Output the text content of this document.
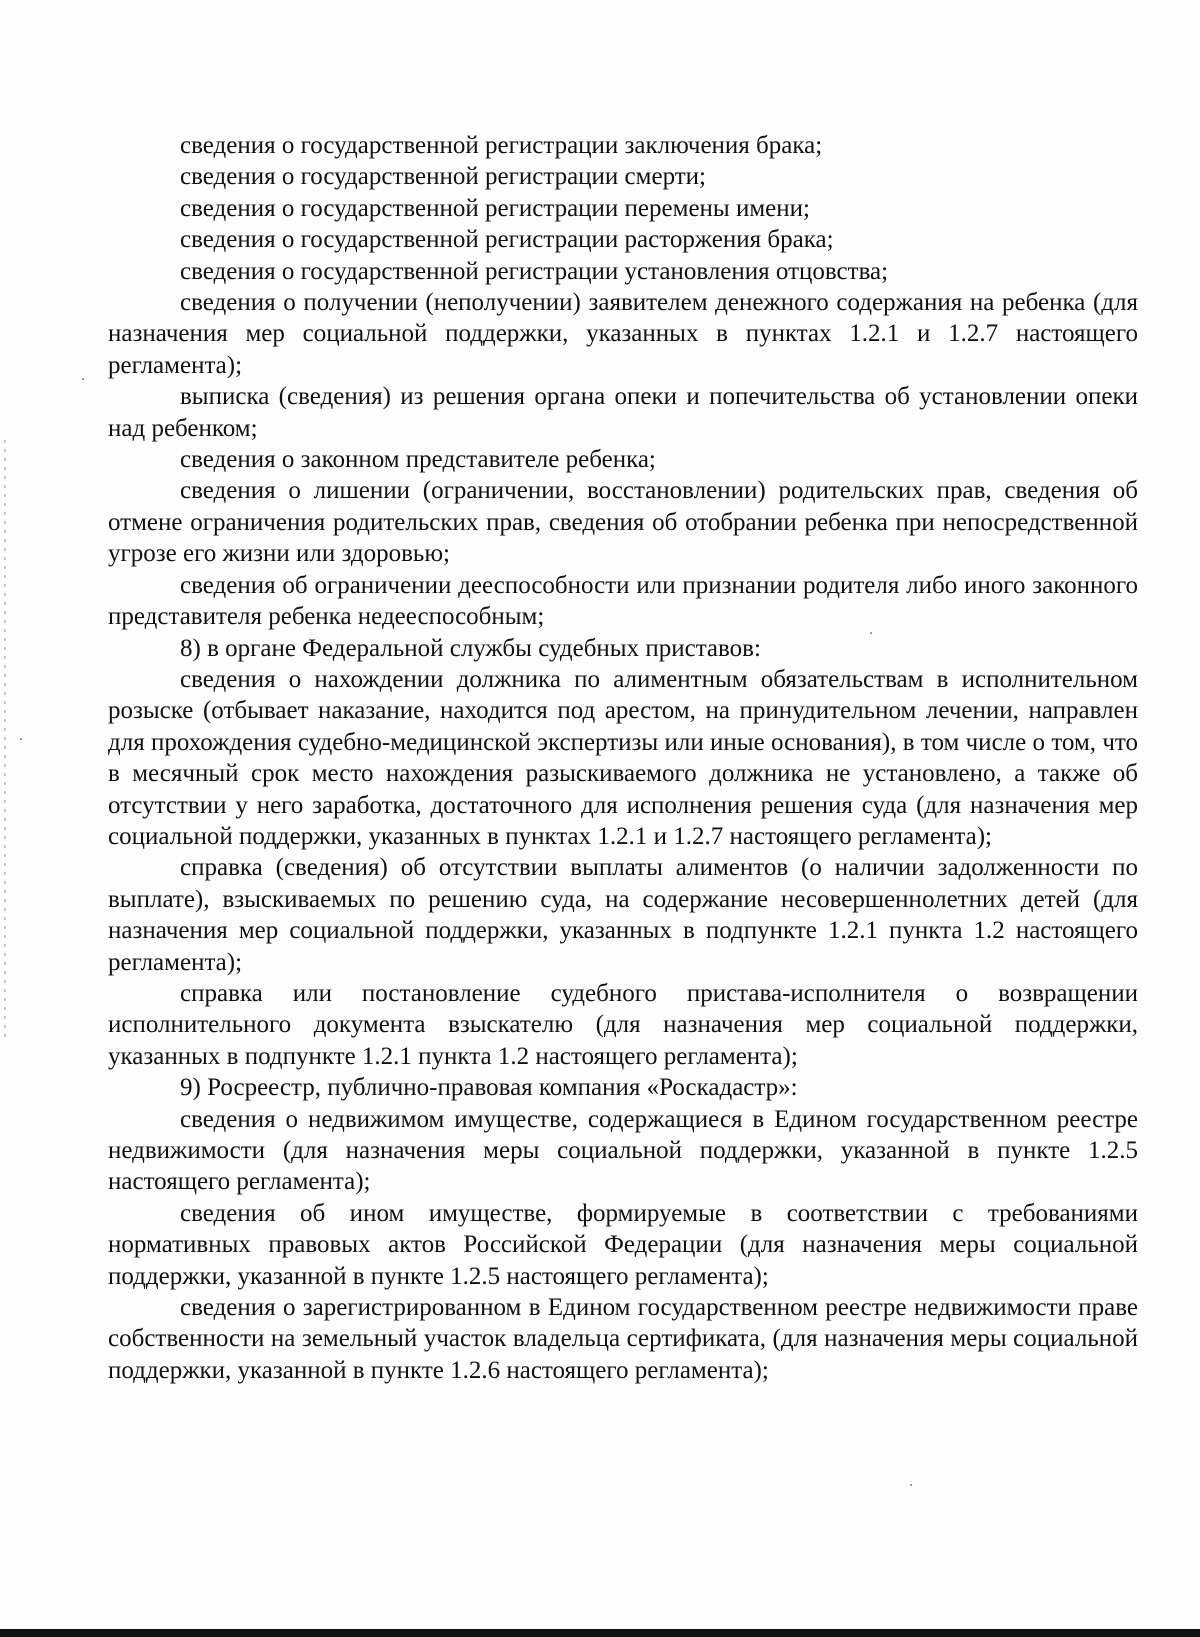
сведения о государственной регистрации заключения брака;

сведения о государственной регистрации смерти;

сведения о государственной регистрации перемены имени;

сведения о государственной регистрации расторжения брака;

сведения о государственной регистрации установления отцовства;

сведения о получении (неполучении) заявителем денежного содержания на ребенка (для назначения мер социальной поддержки, указанных в пунктах 1.2.1 и 1.2.7 настоящего регламента);

выписка (сведения) из решения органа опеки и попечительства об установлении опеки над ребенком;

сведения о законном представителе ребенка;

сведения о лишении (ограничении, восстановлении) родительских прав, сведения об отмене ограничения родительских прав, сведения об отобрании ребенка при непосредственной угрозе его жизни или здоровью;

сведения об ограничении дееспособности или признании родителя либо иного законного представителя ребенка недееспособным;

8) в органе Федеральной службы судебных приставов:

сведения о нахождении должника по алиментным обязательствам в исполнительном розыске (отбывает наказание, находится под арестом, на принудительном лечении, направлен для прохождения судебно-медицинской экспертизы или иные основания), в том числе о том, что в месячный срок место нахождения разыскиваемого должника не установлено, а также об отсутствии у него заработка, достаточного для исполнения решения суда (для назначения мер социальной поддержки, указанных в пунктах 1.2.1 и 1.2.7 настоящего регламента);

справка (сведения) об отсутствии выплаты алиментов (о наличии задолженности по выплате), взыскиваемых по решению суда, на содержание несовершеннолетних детей (для назначения мер социальной поддержки, указанных в подпункте 1.2.1 пункта 1.2 настоящего регламента);

справка или постановление судебного пристава-исполнителя о возвращении исполнительного документа взыскателю (для назначения мер социальной поддержки, указанных в подпункте 1.2.1 пункта 1.2 настоящего регламента);

9) Росреестр, публично-правовая компания «Роскадастр»:

сведения о недвижимом имуществе, содержащиеся в Едином государственном реестре недвижимости (для назначения меры социальной поддержки, указанной в пункте 1.2.5 настоящего регламента);

сведения об ином имуществе, формируемые в соответствии с требованиями нормативных правовых актов Российской Федерации (для назначения меры социальной поддержки, указанной в пункте 1.2.5 настоящего регламента);

сведения о зарегистрированном в Едином государственном реестре недвижимости праве собственности на земельный участок владельца сертификата, (для назначения меры социальной поддержки, указанной в пункте 1.2.6 настоящего регламента);
